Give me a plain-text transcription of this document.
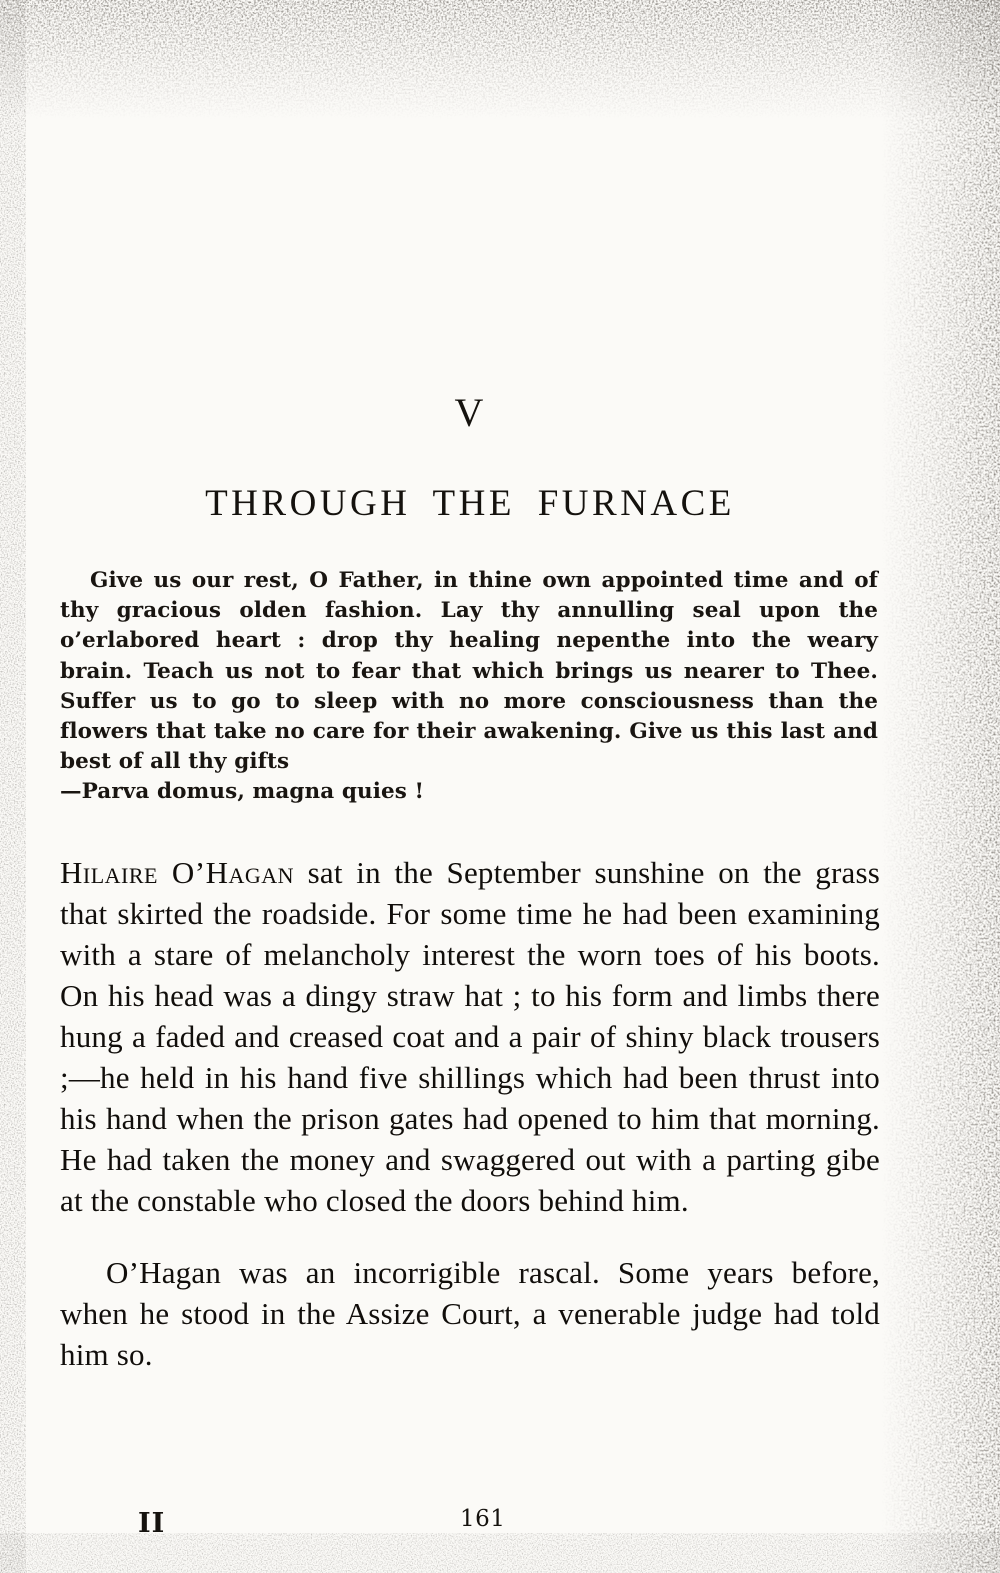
V
THROUGH THE FURNACE
Give us our rest, O Father, in thine own appointed time and of thy gracious olden fashion. Lay thy annulling seal upon the o’erlabored heart : drop thy healing nepenthe into the weary brain. Teach us not to fear that which brings us nearer to Thee. Suffer us to go to sleep with no more consciousness than the flowers that take no care for their awakening. Give us this last and best of all thy gifts
—Parva domus, magna quies !

Hilaire O’Hagan sat in the September sunshine on the grass that skirted the roadside. For some time he had been examining with a stare of melancholy interest the worn toes of his boots. On his head was a dingy straw hat ; to his form and limbs there hung a faded and creased coat and a pair of shiny black trousers ;—he held in his hand five shillings which had been thrust into his hand when the prison gates had opened to him that morning. He had taken the money and swaggered out with a parting gibe at the constable who closed the doors behind him.

O’Hagan was an incorrigible rascal. Some years before, when he stood in the Assize Court, a venerable judge had told him so.

II	161
